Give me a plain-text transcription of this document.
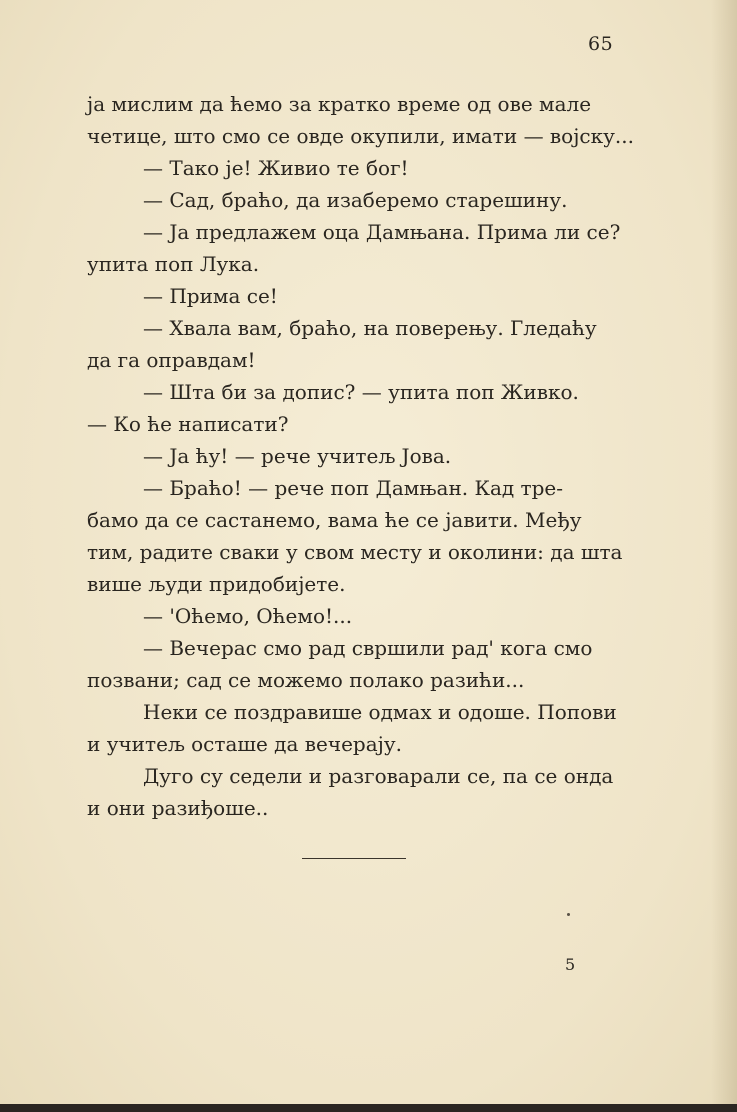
65
ја мислим да ћемо за кратко време од ове мале
четице, што смо се овде окупили, имати — војску...
— Тако је! Живио те бог!
— Сад, браћо, да изаберемо старешину.
— Ја предлажем оца Дамњана. Прима ли се?
упита поп Лука.
— Прима се!
— Хвала вам, браћо, на поверењу. Гледаћу
да га оправдам!
— Шта би за допис? — упита поп Живко.
— Ко ће написати?
— Ја ћу! — рече учитељ Јова.
— Браћо! — рече поп Дамњан. Кад тре-
бамо да се састанемо, вама ће се јавити. Међу
тим, радите сваки у свом месту и околини: да шта
више људи придобијете.
— 'Оћемо, Оћемо!...
— Вечерас смо рад свршили рад' кога смо
позвани; сад се можемо полако разићи...
Неки се поздравише одмах и одоше. Попови
и учитељ осташе да вечерају.
Дуго су седели и разговарали се, па се онда
и они разиђоше..
5
